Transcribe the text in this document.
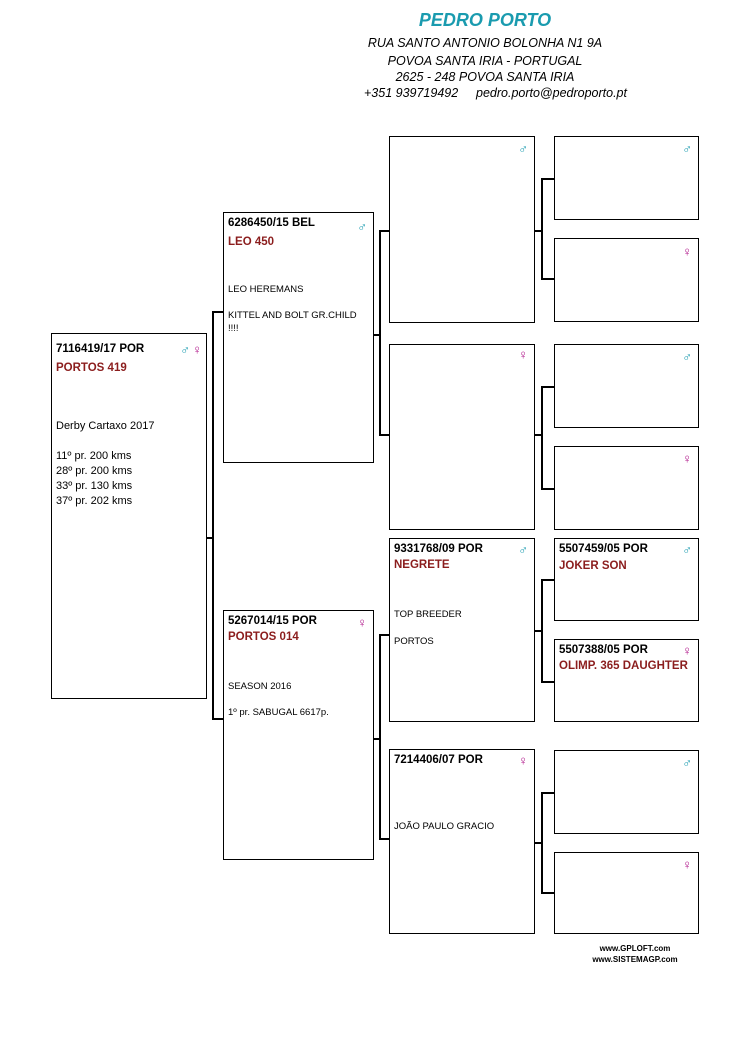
PEDRO PORTO
RUA SANTO ANTONIO BOLONHA N1 9A
POVOA SANTA IRIA - PORTUGAL
2625 - 248 POVOA SANTA IRIA
+351 939719492 pedro.porto@pedroporto.pt
7116419/17 POR	♂ ♀
PORTOS 419
Derby Cartaxo 2017
11º pr. 200 kms
28º pr. 200 kms
33º pr. 130 kms
37º pr. 202 kms
6286450/15 BEL	♂
LEO 450
LEO HEREMANS
KITTEL AND BOLT GR.CHILD
!!!!
5267014/15 POR	♀
PORTOS 014
SEASON 2016
1º pr. SABUGAL 6617p.
♂
♀
9331768/09 POR	♂
NEGRETE
TOP BREEDER
PORTOS
7214406/07 POR	♀
JOÃO PAULO GRACIO
♂
♀
♂
♀
5507459/05 POR	♂
JOKER SON
5507388/05 POR	♀
OLIMP. 365 DAUGHTER
♂
♀
www.GPLOFT.com
www.SISTEMAGP.com
